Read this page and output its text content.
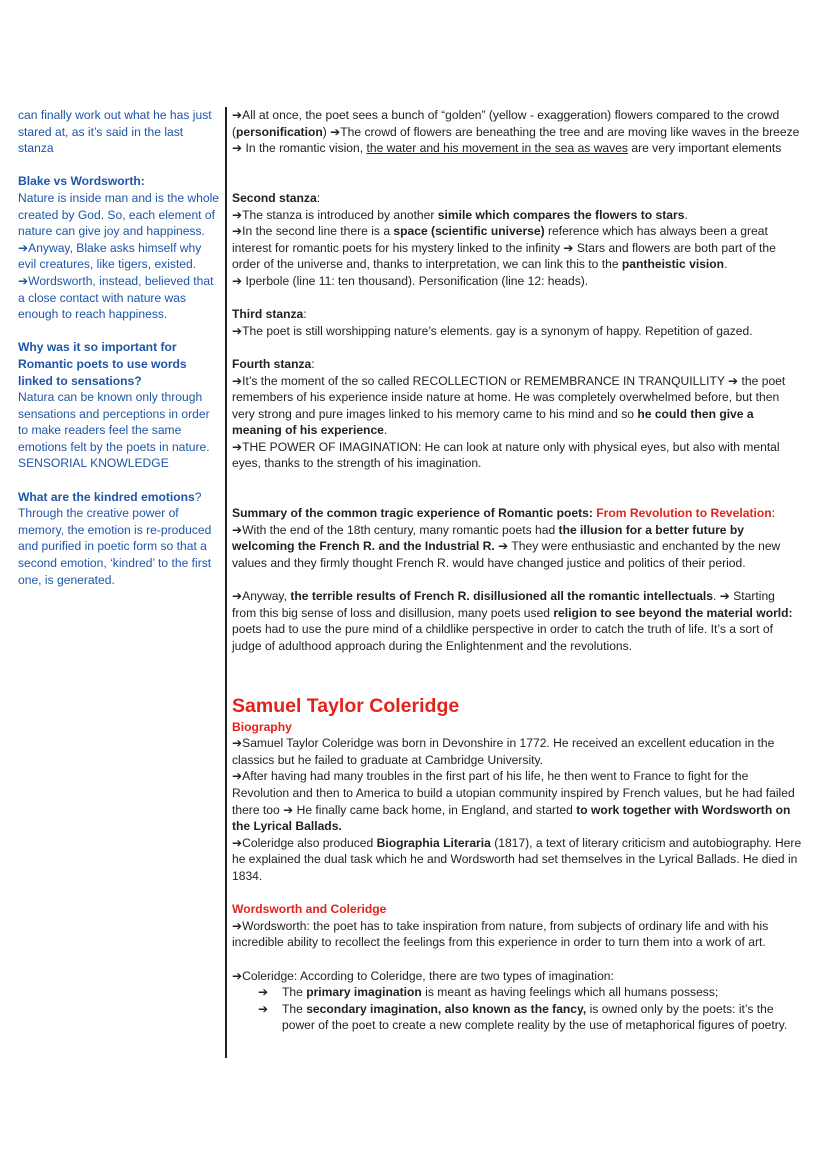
can finally work out what he has just stared at, as it’s said in the last stanza

Blake vs Wordsworth:

Nature is inside man and is the whole created by God. So, each element of nature can give joy and happiness.

➔Anyway, Blake asks himself why evil creatures, like tigers, existed.

➔Wordsworth, instead, believed that a close contact with nature was enough to reach happiness.

Why was it so important for Romantic poets to use words linked to sensations?

Natura can be known only through sensations and perceptions in order to make readers feel the same emotions felt by the poets in nature.

SENSORIAL KNOWLEDGE

What are the kindred emotions?

Through the creative power of memory, the emotion is re-produced and purified in poetic form so that a second emotion, ‘kindred’ to the first one, is generated.

➔All at once, the poet sees a bunch of “golden” (yellow - exaggeration) flowers compared to the crowd (personification) ➔The crowd of flowers are beneathing the tree and are moving like waves in the breeze ➔ In the romantic vision, the water and his movement in the sea as waves are very important elements

Second stanza:

➔The stanza is introduced by another simile which compares the flowers to stars.

➔In the second line there is a space (scientific universe) reference which has always been a great interest for romantic poets for his mystery linked to the infinity ➔ Stars and flowers are both part of the order of the universe and, thanks to interpretation, we can link this to the pantheistic vision.

➔ Iperbole (line 11: ten thousand). Personification (line 12: heads).

Third stanza:

➔The poet is still worshipping nature’s elements. gay is a synonym of happy. Repetition of gazed.

Fourth stanza:

➔It’s the moment of the so called RECOLLECTION or REMEMBRANCE IN TRANQUILLITY ➔ the poet remembers of his experience inside nature at home. He was completely overwhelmed before, but then very strong and pure images linked to his memory came to his mind and so he could then give a meaning of his experience.

➔THE POWER OF IMAGINATION: He can look at nature only with physical eyes, but also with mental eyes, thanks to the strength of his imagination.

Summary of the common tragic experience of Romantic poets: From Revolution to Revelation:

➔With the end of the 18th century, many romantic poets had the illusion for a better future by welcoming the French R. and the Industrial R. ➔ They were enthusiastic and enchanted by the new values and they firmly thought French R. would have changed justice and politics of their period.

➔Anyway, the terrible results of French R. disillusioned all the romantic intellectuals. ➔ Starting from this big sense of loss and disillusion, many poets used religion to see beyond the material world: poets had to use the pure mind of a childlike perspective in order to catch the truth of life. It’s a sort of judge of adulthood approach during the Enlightenment and the revolutions.

Samuel Taylor Coleridge

Biography

➔Samuel Taylor Coleridge was born in Devonshire in 1772. He received an excellent education in the classics but he failed to graduate at Cambridge University.

➔After having had many troubles in the first part of his life, he then went to France to fight for the Revolution and then to America to build a utopian community inspired by French values, but he had failed there too ➔ He finally came back home, in England, and started to work together with Wordsworth on the Lyrical Ballads.

➔Coleridge also produced Biographia Literaria (1817), a text of literary criticism and autobiography. Here he explained the dual task which he and Wordsworth had set themselves in the Lyrical Ballads. He died in 1834.

Wordsworth and Coleridge

➔Wordsworth: the poet has to take inspiration from nature, from subjects of ordinary life and with his incredible ability to recollect the feelings from this experience in order to turn them into a work of art.

➔Coleridge: According to Coleridge, there are two types of imagination:

➔ The primary imagination is meant as having feelings which all humans possess;
➔ The secondary imagination, also known as the fancy, is owned only by the poets: it’s the power of the poet to create a new complete reality by the use of metaphorical figures of poetry.
